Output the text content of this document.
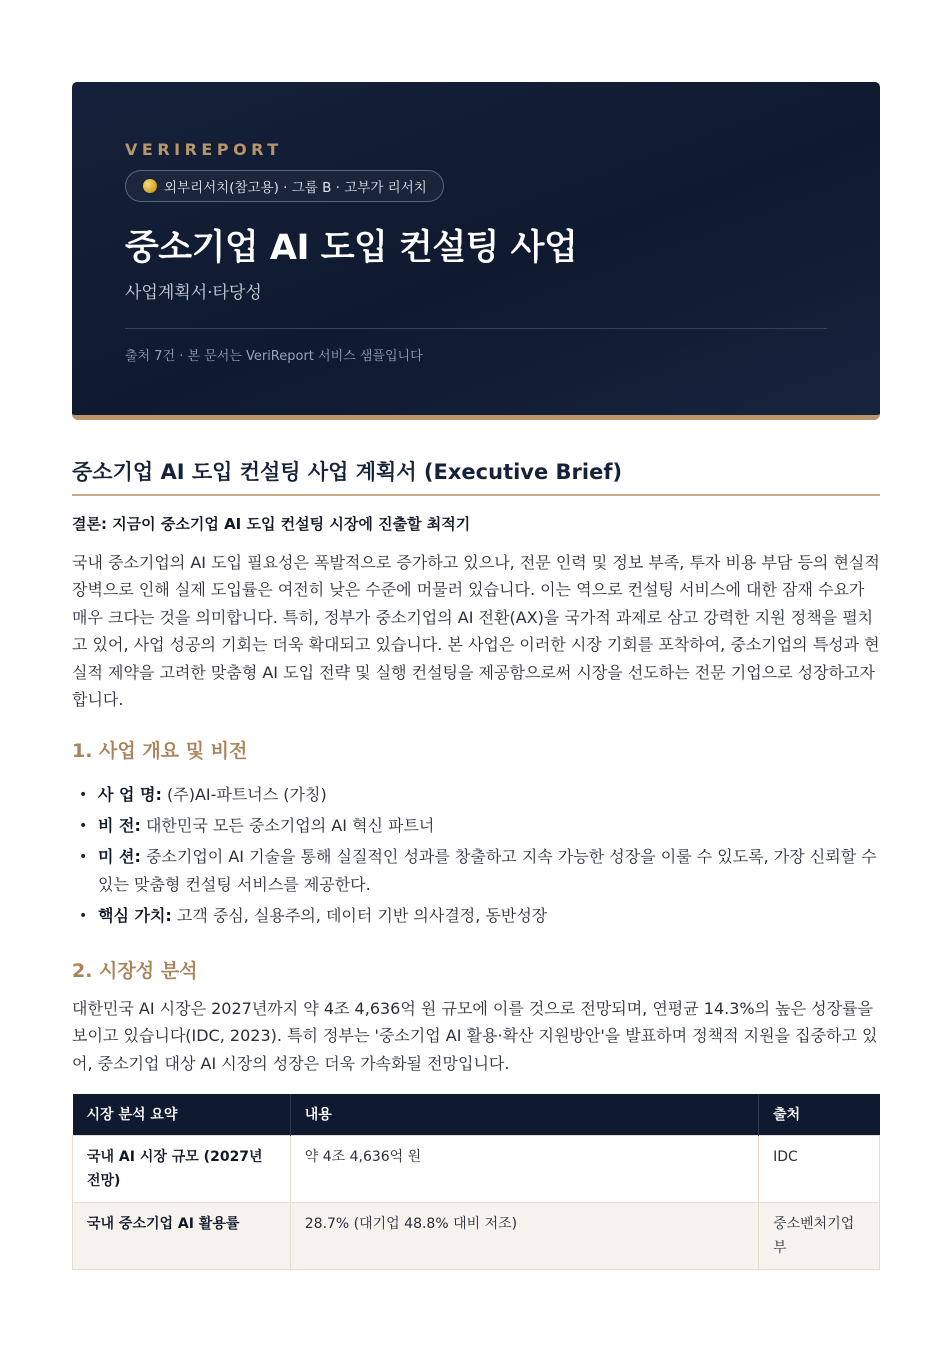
VERIREPORT
외부리서치(참고용) · 그룹 B · 고부가 리서치
중소기업 AI 도입 컨설팅 사업
사업계획서·타당성
출처 7건 · 본 문서는 VeriReport 서비스 샘플입니다
중소기업 AI 도입 컨설팅 사업 계획서 (Executive Brief)
결론: 지금이 중소기업 AI 도입 컨설팅 시장에 진출할 최적기

국내 중소기업의 AI 도입 필요성은 폭발적으로 증가하고 있으나, 전문 인력 및 정보 부족, 투자 비용 부담 등의 현실적 장벽으로 인해 실제 도입률은 여전히 낮은 수준에 머물러 있습니다. 이는 역으로 컨설팅 서비스에 대한 잠재 수요가 매우 크다는 것을 의미합니다. 특히, 정부가 중소기업의 AI 전환(AX)을 국가적 과제로 삼고 강력한 지원 정책을 펼치고 있어, 사업 성공의 기회는 더욱 확대되고 있습니다. 본 사업은 이러한 시장 기회를 포착하여, 중소기업의 특성과 현실적 제약을 고려한 맞춤형 AI 도입 전략 및 실행 컨설팅을 제공함으로써 시장을 선도하는 전문 기업으로 성장하고자 합니다.

1. 사업 개요 및 비전
• 사 업 명: (주)AI-파트너스 (가칭)
• 비 전: 대한민국 모든 중소기업의 AI 혁신 파트너
• 미 션: 중소기업이 AI 기술을 통해 실질적인 성과를 창출하고 지속 가능한 성장을 이룰 수 있도록, 가장 신뢰할 수 있는 맞춤형 컨설팅 서비스를 제공한다.
• 핵심 가치: 고객 중심, 실용주의, 데이터 기반 의사결정, 동반성장
2. 시장성 분석

대한민국 AI 시장은 2027년까지 약 4조 4,636억 원 규모에 이를 것으로 전망되며, 연평균 14.3%의 높은 성장률을 보이고 있습니다(IDC, 2023). 특히 정부는 '중소기업 AI 활용·확산 지원방안'을 발표하며 정책적 지원을 집중하고 있어, 중소기업 대상 AI 시장의 성장은 더욱 가속화될 전망입니다.

시장 분석 요약	내용	출처
국내 AI 시장 규모 (2027년 전망)	약 4조 4,636억 원	IDC
국내 중소기업 AI 활용률	28.7% (대기업 48.8% 대비 저조)	중소벤처기업부
